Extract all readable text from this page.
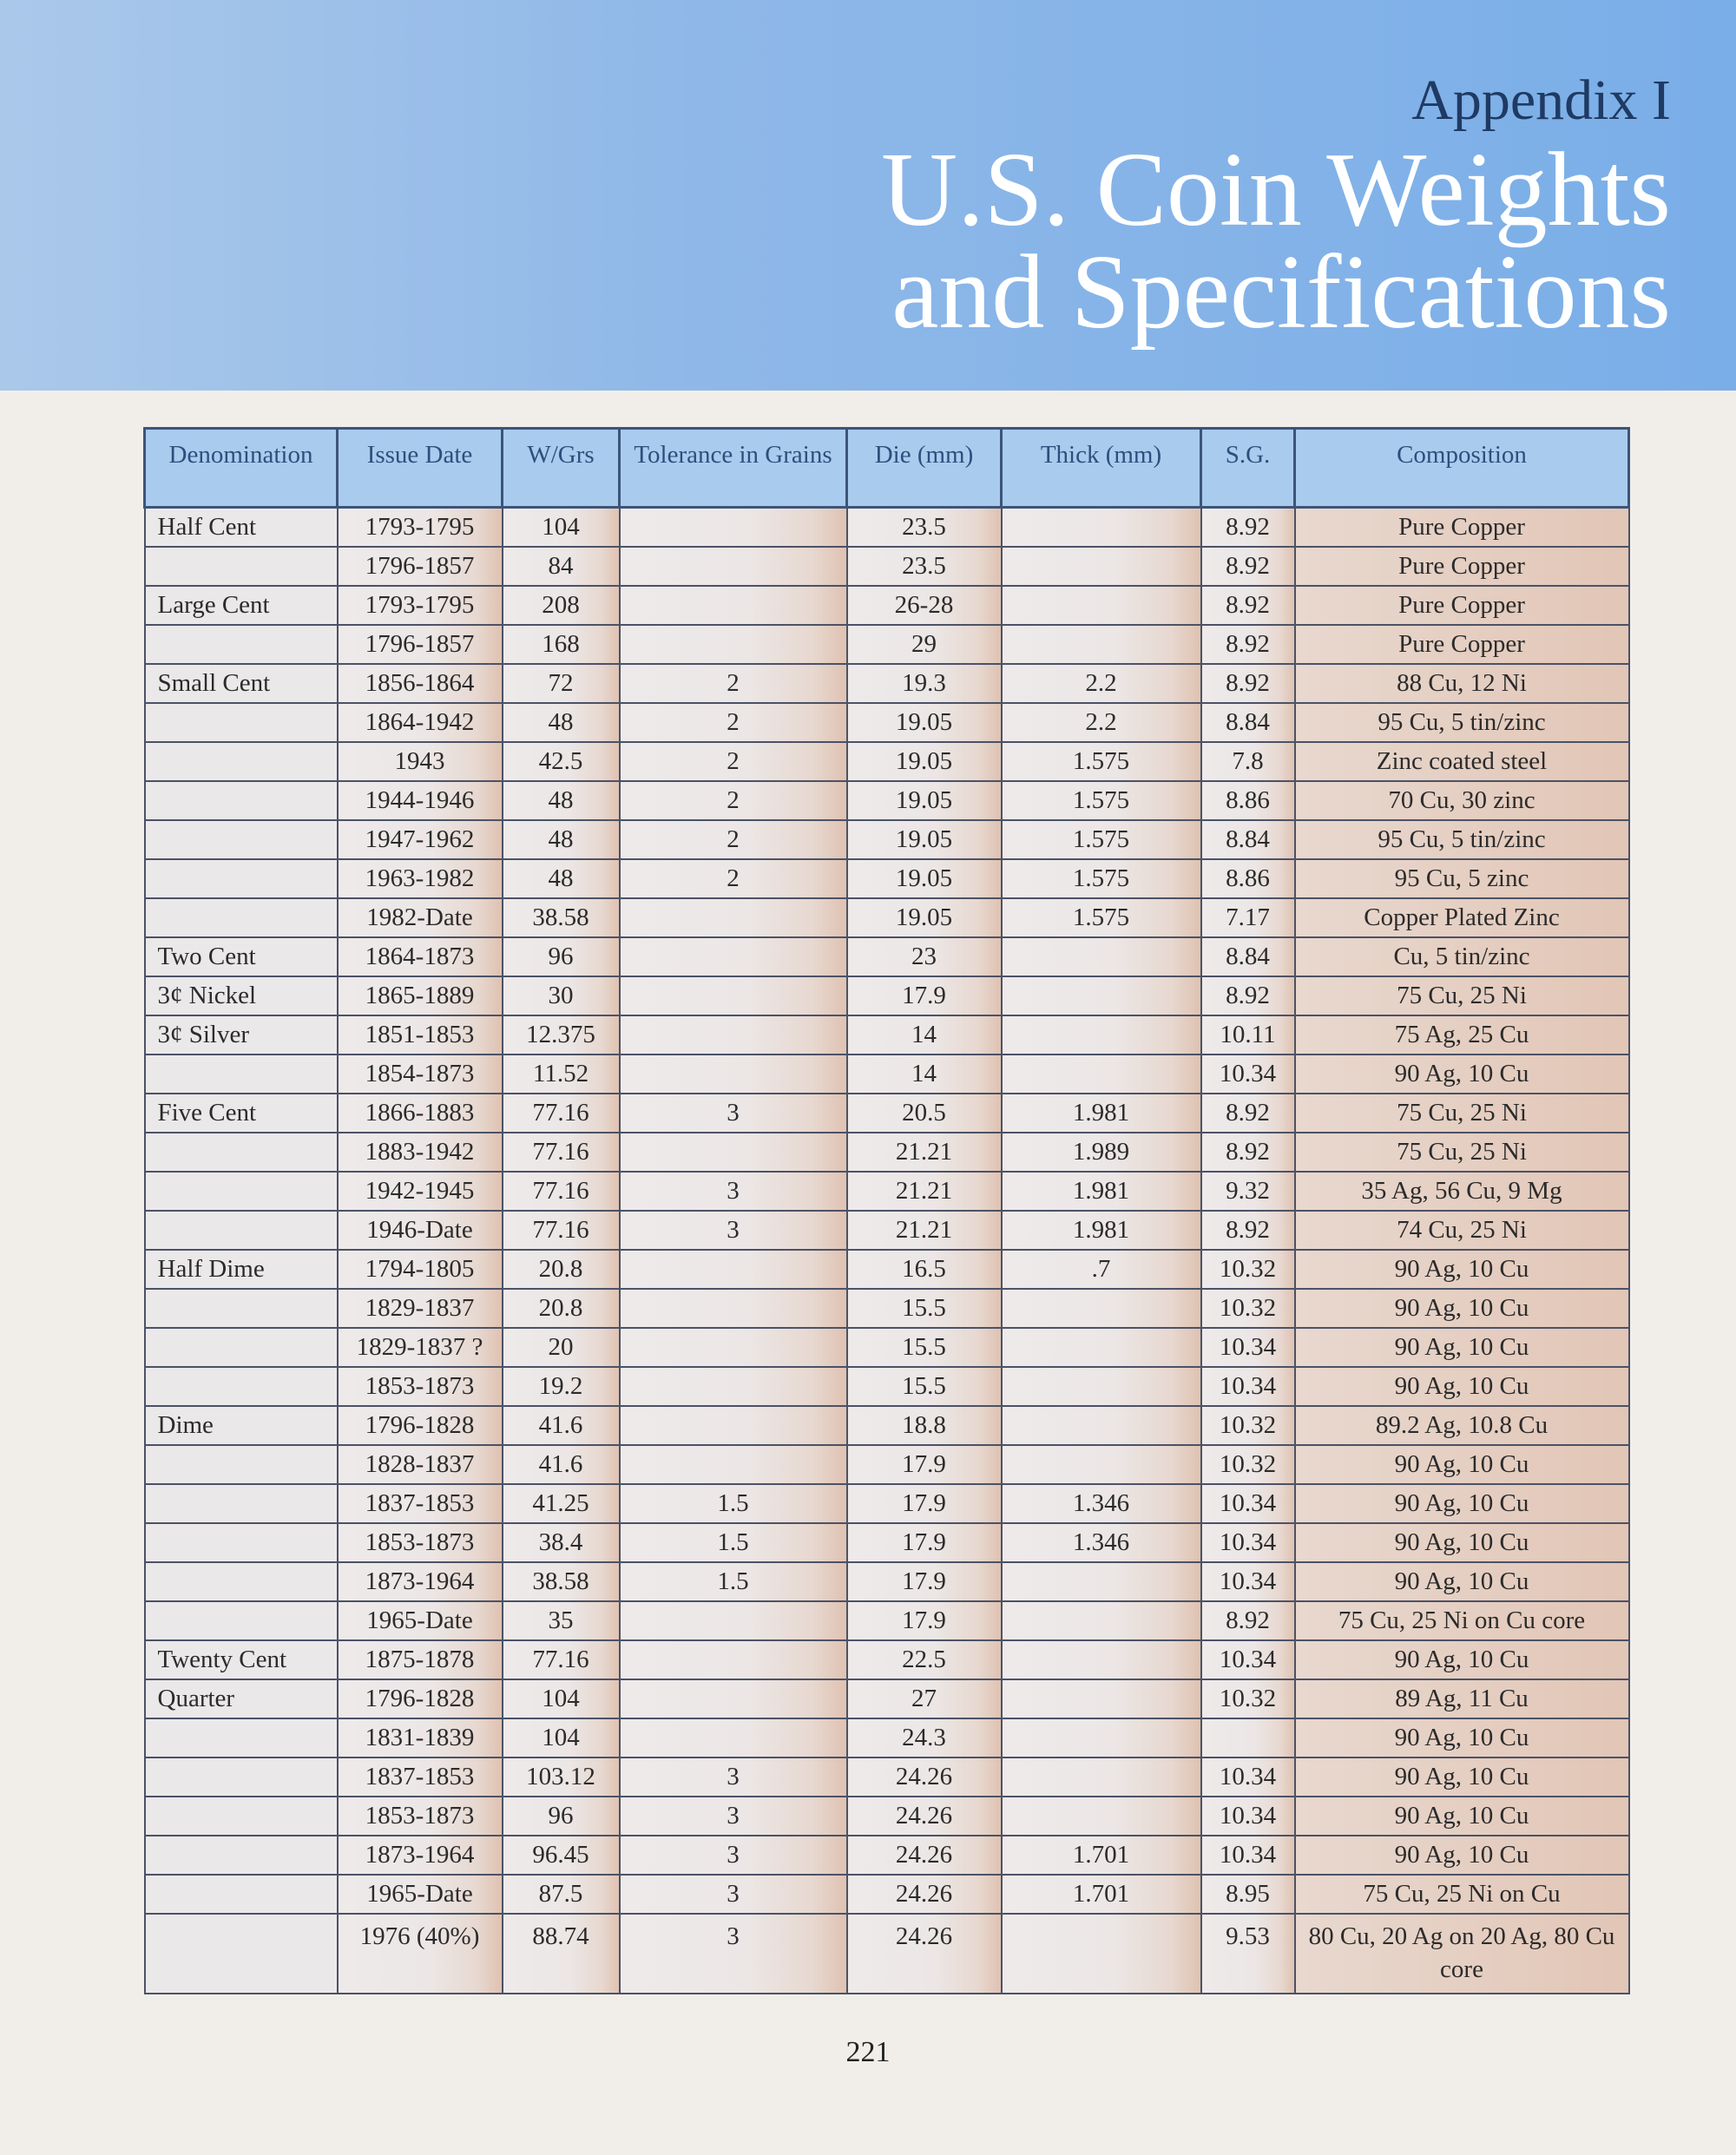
Appendix I
U.S. Coin Weights
and Specifications
Denomination	Issue Date	W/Grs	Tolerance in Grains	Die (mm)	Thick (mm)	S.G.	Composition
Half Cent	1793-1795	104		23.5		8.92	Pure Copper
	1796-1857	84		23.5		8.92	Pure Copper
Large Cent	1793-1795	208		26-28		8.92	Pure Copper
	1796-1857	168		29		8.92	Pure Copper
Small Cent	1856-1864	72	2	19.3	2.2	8.92	88 Cu, 12 Ni
	1864-1942	48	2	19.05	2.2	8.84	95 Cu, 5 tin/zinc
	1943	42.5	2	19.05	1.575	7.8	Zinc coated steel
	1944-1946	48	2	19.05	1.575	8.86	70 Cu, 30 zinc
	1947-1962	48	2	19.05	1.575	8.84	95 Cu, 5 tin/zinc
	1963-1982	48	2	19.05	1.575	8.86	95 Cu, 5 zinc
	1982-Date	38.58		19.05	1.575	7.17	Copper Plated Zinc
Two Cent	1864-1873	96		23		8.84	Cu, 5 tin/zinc
3¢ Nickel	1865-1889	30		17.9		8.92	75 Cu, 25 Ni
3¢ Silver	1851-1853	12.375		14		10.11	75 Ag, 25 Cu
	1854-1873	11.52		14		10.34	90 Ag, 10 Cu
Five Cent	1866-1883	77.16	3	20.5	1.981	8.92	75 Cu, 25 Ni
	1883-1942	77.16		21.21	1.989	8.92	75 Cu, 25 Ni
	1942-1945	77.16	3	21.21	1.981	9.32	35 Ag, 56 Cu, 9 Mg
	1946-Date	77.16	3	21.21	1.981	8.92	74 Cu, 25 Ni
Half Dime	1794-1805	20.8		16.5	.7	10.32	90 Ag, 10 Cu
	1829-1837	20.8		15.5		10.32	90 Ag, 10 Cu
	1829-1837 ?	20		15.5		10.34	90 Ag, 10 Cu
	1853-1873	19.2		15.5		10.34	90 Ag, 10 Cu
Dime	1796-1828	41.6		18.8		10.32	89.2 Ag, 10.8 Cu
	1828-1837	41.6		17.9		10.32	90 Ag, 10 Cu
	1837-1853	41.25	1.5	17.9	1.346	10.34	90 Ag, 10 Cu
	1853-1873	38.4	1.5	17.9	1.346	10.34	90 Ag, 10 Cu
	1873-1964	38.58	1.5	17.9		10.34	90 Ag, 10 Cu
	1965-Date	35		17.9		8.92	75 Cu, 25 Ni on Cu core
Twenty Cent	1875-1878	77.16		22.5		10.34	90 Ag, 10 Cu
Quarter	1796-1828	104		27		10.32	89 Ag, 11 Cu
	1831-1839	104		24.3			90 Ag, 10 Cu
	1837-1853	103.12	3	24.26		10.34	90 Ag, 10 Cu
	1853-1873	96	3	24.26		10.34	90 Ag, 10 Cu
	1873-1964	96.45	3	24.26	1.701	10.34	90 Ag, 10 Cu
	1965-Date	87.5	3	24.26	1.701	8.95	75 Cu, 25 Ni on Cu
	1976 (40%)	88.74	3	24.26		9.53	80 Cu, 20 Ag on 20 Ag, 80 Cu core
221
